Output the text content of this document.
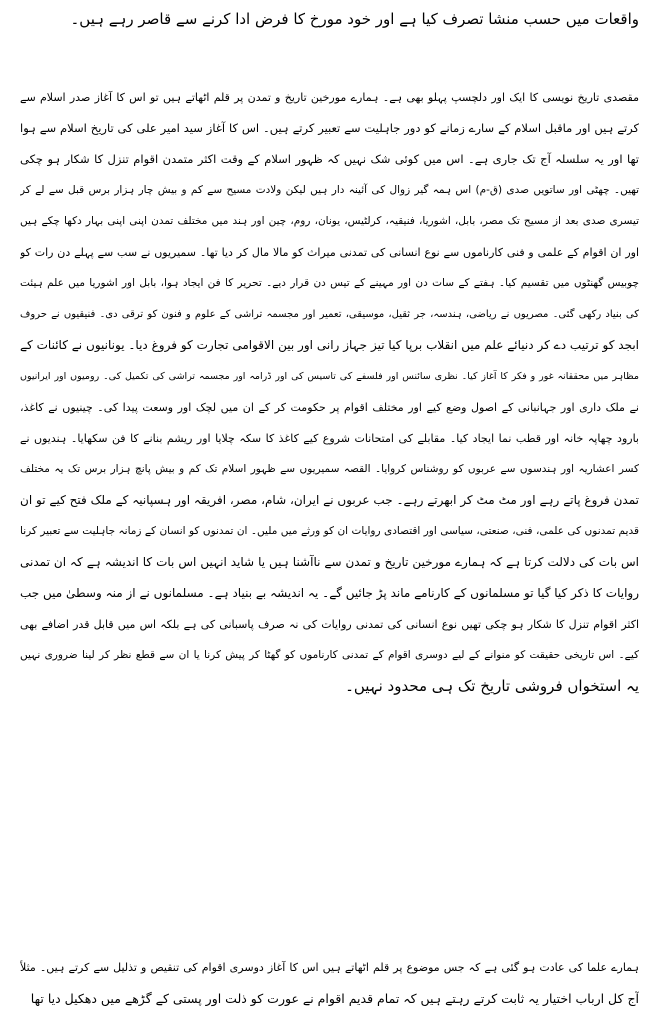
واقعات میں حسب منشا تصرف کیا ہے اور خود مورخ کا فرض ادا کرنے سے قاصر رہے ہیں۔
مقصدی تاریخ نویسی کا ایک اور دلچسپ پہلو بھی ہے۔ ہمارے مورخین تاریخ و تمدن پر قلم اٹھاتے ہیں تو اس کا آغاز صدر اسلام سے
کرتے ہیں اور ماقبل اسلام کے سارے زمانے کو دور جاہلیت سے تعبیر کرتے ہیں۔ اس کا آغاز سید امیر علی کی تاریخ اسلام سے ہوا
تھا اور یہ سلسلہ آج تک جاری ہے۔ اس میں کوئی شک نہیں کہ ظہور اسلام کے وقت اکثر متمدن اقوام تنزل کا شکار ہو چکی
تھیں۔ چھٹی اور ساتویں صدی (ق-م) اس ہمہ گیر زوال کی آئینہ دار ہیں لیکن ولادت مسیح سے کم و بیش چار ہزار برس قبل سے لے کر
تیسری صدی بعد از مسیح تک مصر، بابل، اشوریا، فنیقیہ، کرلٹیس، یونان، روم، چین اور ہند میں مختلف تمدن اپنی اپنی بہار دکھا چکے ہیں
اور ان اقوام کے علمی و فنی کارناموں سے نوع انسانی کی تمدنی میراث کو مالا مال کر دیا تھا۔ سمیریوں نے سب سے پہلے دن رات کو
چوبیس گھنٹوں میں تقسیم کیا۔ ہفتے کے سات دن اور مہینے کے تیس دن قرار دیے۔ تحریر کا فن ایجاد ہوا، بابل اور اشوریا میں علم ہیئت
کی بنیاد رکھی گئی۔ مصریوں نے ریاضی، ہندسہ، جر ثقیل، موسیقی، تعمیر اور مجسمہ تراشی کے علوم و فنون کو ترقی دی۔ فنیقیوں نے حروف
ابجد کو ترتیب دے کر دنیائے علم میں انقلاب برپا کیا تیز جہاز رانی اور بین الاقوامی تجارت کو فروغ دیا۔ یونانیوں نے کائنات کے
مظاہر میں محققانہ غور و فکر کا آغاز کیا۔ نظری سائنس اور فلسفے کی تاسیس کی اور ڈرامہ اور مجسمہ تراشی کی تکمیل کی۔ رومیوں اور ایرانیوں
نے ملک داری اور جہانبانی کے اصول وضع کیے اور مختلف اقوام پر حکومت کر کے ان میں لچک اور وسعت پیدا کی۔ چینیوں نے کاغذ،
بارود چھاپہ خانہ اور قطب نما ایجاد کیا۔ مقابلے کی امتحانات شروع کیے کاغذ کا سکہ چلایا اور ریشم بنانے کا فن سکھایا۔ ہندیوں نے
کسر اعشاریہ اور ہندسوں سے عربوں کو روشناس کروایا۔ القصہ سمیریوں سے ظہور اسلام تک کم و بیش پانچ ہزار برس تک یہ مختلف
تمدن فروغ پاتے رہے اور مٹ مٹ کر ابھرتے رہے۔ جب عربوں نے ایران، شام، مصر، افریقہ اور ہسپانیہ کے ملک فتح کیے تو ان
قدیم تمدنوں کی علمی، فنی، صنعتی، سیاسی اور اقتصادی روایات ان کو ورثے میں ملیں۔ ان تمدنوں کو انسان کے زمانہ جاہلیت سے تعبیر کرنا
اس بات کی دلالت کرتا ہے کہ ہمارے مورخین تاریخ و تمدن سے ناآشنا ہیں یا شاید انہیں اس بات کا اندیشہ ہے کہ ان تمدنی
روایات کا ذکر کیا گیا تو مسلمانوں کے کارنامے ماند پڑ جائیں گے۔ یہ اندیشہ بے بنیاد ہے۔ مسلمانوں نے از منہ وسطیٰ میں جب
اکثر اقوام تنزل کا شکار ہو چکی تھیں نوع انسانی کی تمدنی روایات کی نہ صرف پاسبانی کی ہے بلکہ اس میں قابل قدر اضافے بھی
کیے۔ اس تاریخی حقیقت کو منوانے کے لیے دوسری اقوام کے تمدنی کارناموں کو گھٹا کر پیش کرنا یا ان سے قطع نظر کر لینا ضروری نہیں
یہ استخواں فروشی تاریخ تک ہی محدود نہیں۔
ہمارے علما کی عادت ہو گئی ہے کہ جس موضوع پر قلم اٹھاتے ہیں اس کا آغاز دوسری اقوام کی تنقیص و تذلیل سے کرتے ہیں۔ مثلاً
آج کل ارباب اختیار یہ ثابت کرتے رہتے ہیں کہ تمام قدیم اقوام نے عورت کو ذلت اور پستی کے گڑھے میں دھکیل دیا تھا
